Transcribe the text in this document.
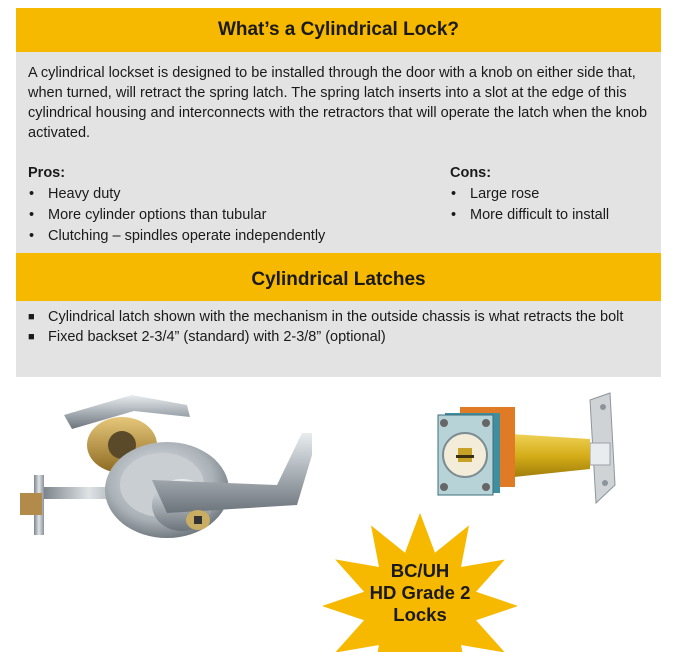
What’s a Cylindrical Lock?

A cylindrical lockset is designed to be installed through the door with a knob on either side that, when turned, will retract the spring latch. The spring latch inserts into a slot at the edge of this cylindrical housing and interconnects with the retractors that will operate the latch when the knob activated.

Pros:
• Heavy duty
• More cylinder options than tubular
• Clutching – spindles operate independently
Cons:
• Large rose
• More difficult to install
Cylindrical Latches
■ Cylindrical latch shown with the mechanism in the outside chassis is what retracts the bolt
■ Fixed backset 2-3/4” (standard) with 2-3/8” (optional)
BC/UH
HD Grade 2
Locks
